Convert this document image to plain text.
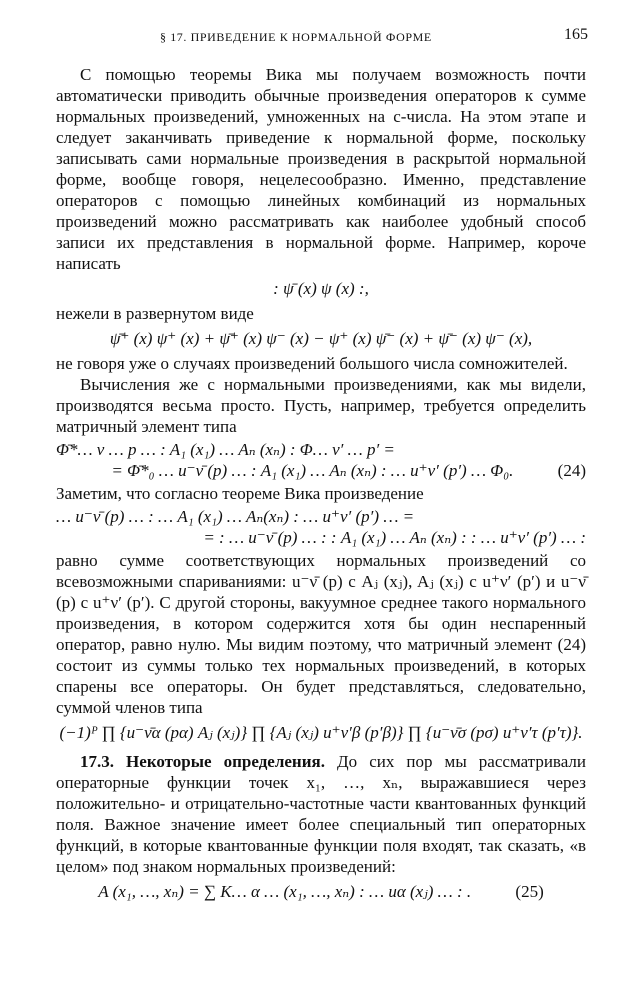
§ 17. ПРИВЕДЕНИЕ К НОРМАЛЬНОЙ ФОРМЕ	165

С помощью теоремы Вика мы получаем возможность почти автоматически приводить обычные произведения операторов к сумме нормальных произведений, умноженных на c-числа. На этом этапе и следует заканчивать приведение к нормальной форме, поскольку записывать сами нормальные произведения в раскрытой нормальной форме, вообще говоря, нецелесообразно. Именно, представление операторов с помощью линейных комбинаций из нормальных произведений можно рассматривать как наиболее удобный способ записи их представления в нормальной форме. Например, короче написать

: ψ̄ (x) ψ (x) :,

нежели в развернутом виде

ψ̄⁺ (x) ψ⁺ (x) + ψ̄⁺ (x) ψ⁻ (x) − ψ⁺ (x) ψ̄⁻ (x) + ψ̄⁻ (x) ψ⁻ (x),

не говоря уже о случаях произведений большого числа сомножителей.

Вычисления же с нормальными произведениями, как мы видели, производятся весьма просто. Пусть, например, требуется определить матричный элемент типа

Φ̄*… ν … p … : A₁ (x₁) … Aₙ (xₙ) : Φ… ν′ … p′ =
= Φ̄*₀ … u⁻ν̄ (p) … : A₁ (x₁) … Aₙ (xₙ) : … u⁺ν′ (p′) … Φ₀.	(24)

Заметим, что согласно теореме Вика произведение

… u⁻ν̄ (p) … : … A₁ (x₁) … Aₙ(xₙ) : … u⁺ν′ (p′) … =
= : … u⁻ν̄ (p) … : : A₁ (x₁) … Aₙ (xₙ) : : … u⁺ν′ (p′) … :

равно сумме соответствующих нормальных произведений со всевозможными спариваниями: u⁻ν̄ (p) с Aⱼ (xⱼ), Aⱼ (xⱼ) с u⁺ν′ (p′) и u⁻ν̄ (p) с u⁺ν′ (p′). С другой стороны, вакуумное среднее такого нормального произведения, в котором содержится хотя бы один неспаренный оператор, равно нулю. Мы видим поэтому, что матричный элемент (24) состоит из суммы только тех нормальных произведений, в которых спарены все операторы. Он будет представляться, следовательно, суммой членов типа

(−1)ᴾ ∏ {u⁻ν̄α (pα) Aⱼ (xⱼ)} ∏ {Aⱼ (xⱼ) u⁺ν′β (p′β)} ∏ {u⁻ν̄σ (pσ) u⁺ν′τ (p′τ)}.

17.3. Некоторые определения. До сих пор мы рассматривали операторные функции точек x₁, …, xₙ, выражавшиеся через положительно- и отрицательно-частотные части квантованных функций поля. Важное значение имеет более специальный тип операторных функций, в которые квантованные функции поля входят, так сказать, «в целом» под знаком нормальных произведений:

A (x₁, …, xₙ) = ∑ K… α … (x₁, …, xₙ) : … uα (xⱼ) … : .	(25)
